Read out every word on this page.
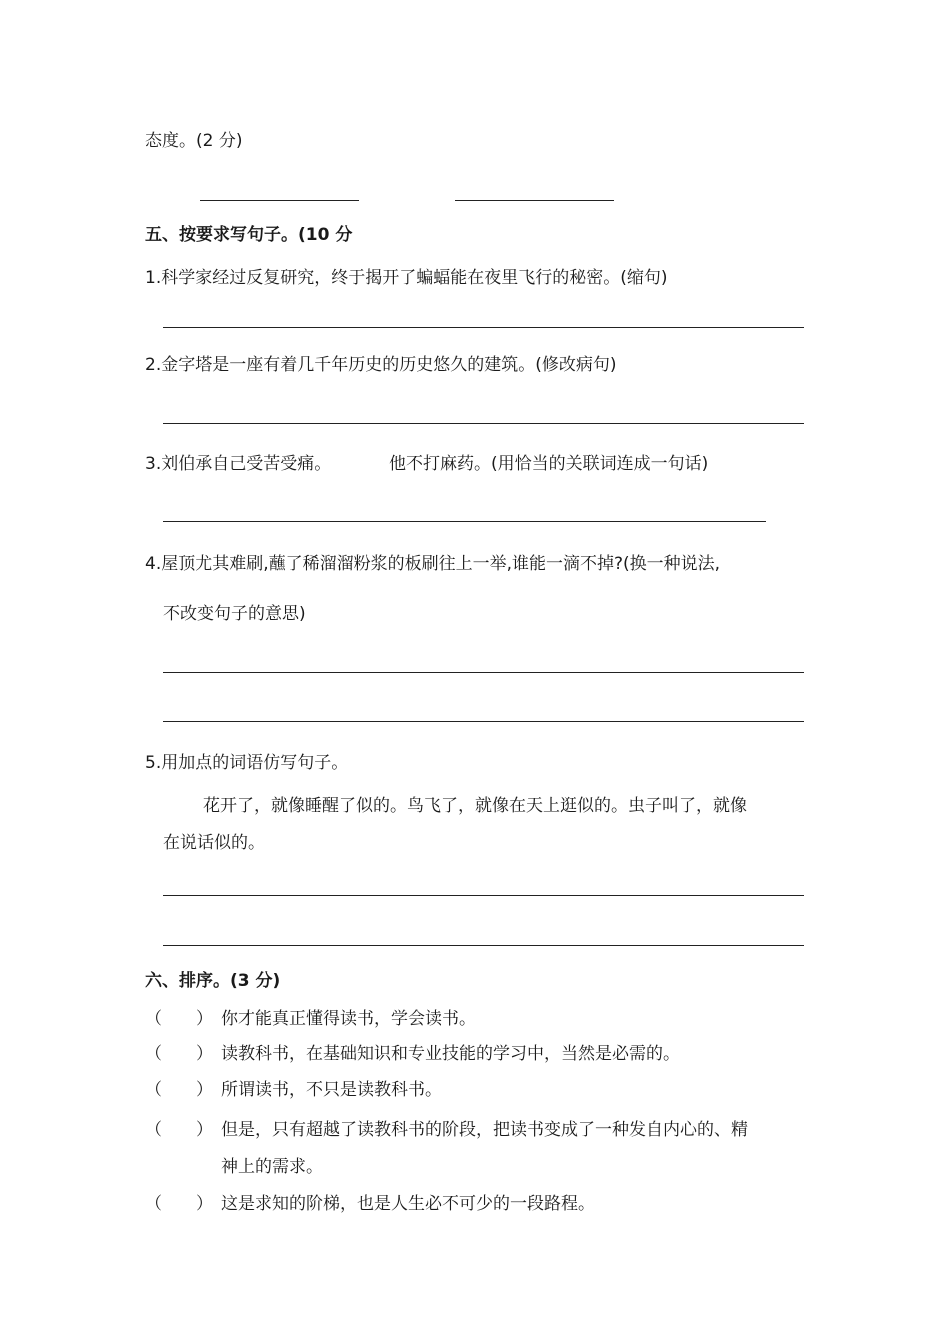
态度。(2 分)
五、按要求写句子。(10 分
1.科学家经过反复研究，终于揭开了蝙蝠能在夜里飞行的秘密。(缩句)
2.金字塔是一座有着几千年历史的历史悠久的建筑。(修改病句)
3.刘伯承自己受苦受痛。	他不打麻药。(用恰当的关联词连成一句话)
4.屋顶尤其难刷,蘸了稀溜溜粉浆的板刷往上一举,谁能一滴不掉?(换一种说法,
不改变句子的意思)
5.用加点的词语仿写句子。
花开了，就像睡醒了似的。鸟飞了，就像在天上逛似的。虫子叫了，就像
在说话似的。
六、排序。(3 分)
（ ） 你才能真正懂得读书，学会读书。
（ ） 读教科书，在基础知识和专业技能的学习中，当然是必需的。
（ ） 所谓读书，不只是读教科书。
（ ） 但是，只有超越了读教科书的阶段，把读书变成了一种发自内心的、精
神上的需求。
（ ） 这是求知的阶梯，也是人生必不可少的一段路程。
